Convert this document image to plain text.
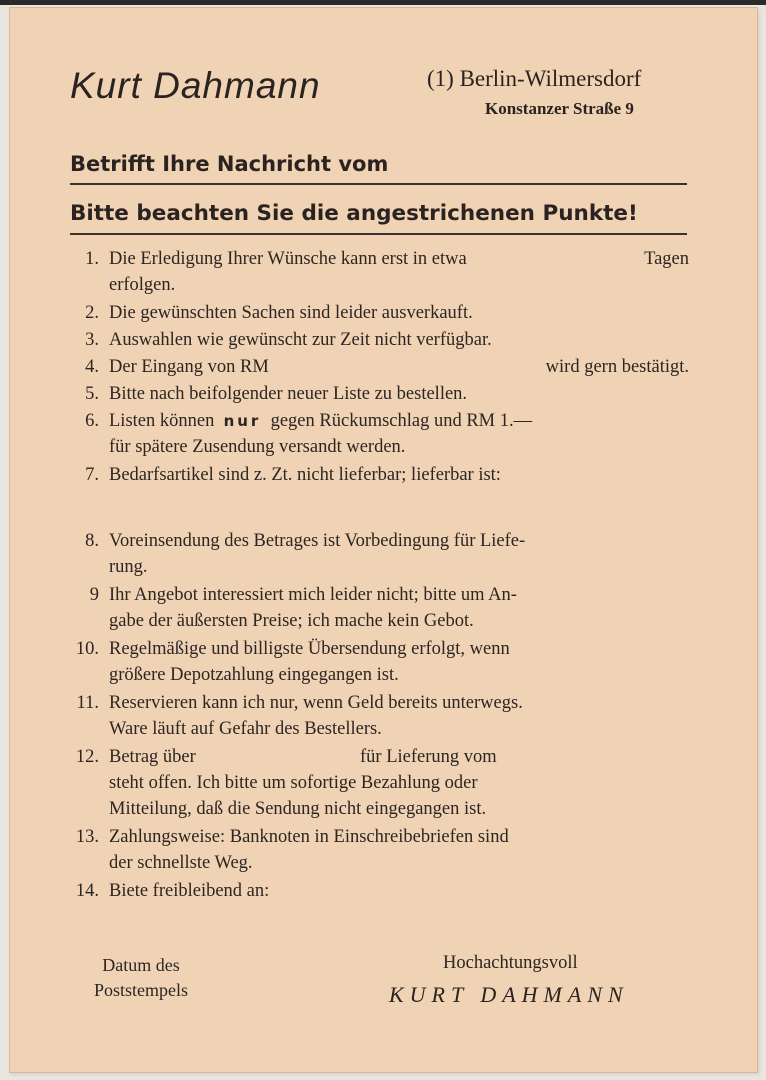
Kurt Dahmann	(1) Berlin-Wilmersdorf
Konstanzer Straße 9
Betrifft Ihre Nachricht vom
Bitte beachten Sie die angestrichenen Punkte!
1. Die Erledigung Ihrer Wünsche kann erst in etwa	Tagen
erfolgen.
2. Die gewünschten Sachen sind leider ausverkauft.
3. Auswahlen wie gewünscht zur Zeit nicht verfügbar.
4. Der Eingang von RM	wird gern bestätigt.
5. Bitte nach beifolgender neuer Liste zu bestellen.
6. Listen können nur gegen Rückumschlag und RM 1.—
für spätere Zusendung versandt werden.
7. Bedarfsartikel sind z. Zt. nicht lieferbar; lieferbar ist:
8. Voreinsendung des Betrages ist Vorbedingung für Liefe-
rung.
9 Ihr Angebot interessiert mich leider nicht; bitte um An-
gabe der äußersten Preise; ich mache kein Gebot.
10. Regelmäßige und billigste Übersendung erfolgt, wenn
größere Depotzahlung eingegangen ist.
11. Reservieren kann ich nur, wenn Geld bereits unterwegs.
Ware läuft auf Gefahr des Bestellers.
12. Betrag über	für Lieferung vom
steht offen. Ich bitte um sofortige Bezahlung oder
Mitteilung, daß die Sendung nicht eingegangen ist.
13. Zahlungsweise: Banknoten in Einschreibebriefen sind
der schnellste Weg.
14. Biete freibleibend an:
Datum des
Poststempels
Hochachtungsvoll
KURT DAHMANN
